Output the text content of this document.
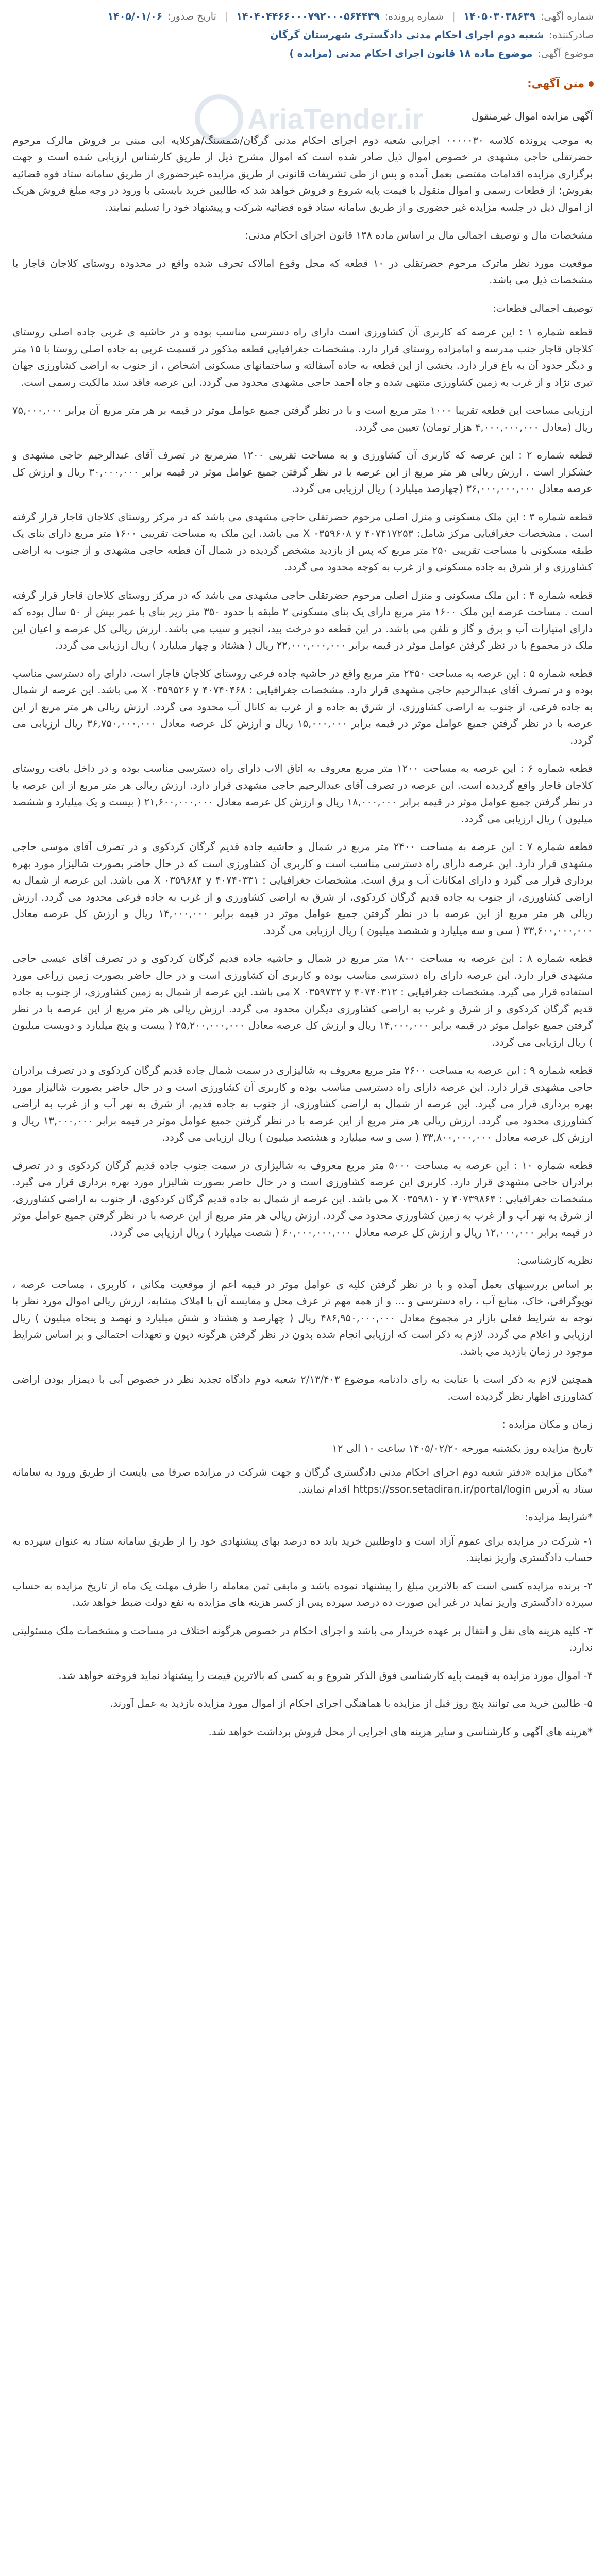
شماره آگهی:۱۴۰۵۰۳۰۳۸۶۳۹ | شماره پرونده:۱۴۰۴۰۴۴۶۶۰۰۰۷۹۲۰۰۰۵۶۴۴۳۹ | تاریخ صدور:۱۴۰۵/۰۱/۰۶
صادرکننده:شعبه دوم اجرای احکام مدنی دادگستری شهرستان گرگان
موضوع آگهی:موضوع ماده ۱۸ قانون اجرای احکام مدنی (مزایده )
AriaTender.ir
متن آگهی:

آگهی مزایده اموال غیرمنقول

به موجب پرونده کلاسه ۰۰۰۰۰۳۰ اجرایی شعبه دوم اجرای احکام مدنی گرگان/شمسنگ/هرکلایه ابی مبنی بر فروش مالرک مرحوم حضرتقلی حاجی مشهدی در خصوص اموال ذیل صادر شده است که اموال مشرح ذیل از طریق کارشناس ارزیابی شده است و جهت برگزاری مزایده اقدامات مقتضی بعمل آمده و پس از طی تشریفات قانونی از طریق مزایده غیرحضوری از طریق سامانه ستاد فوه قضائیه بفروش؛ از قطعات رسمی و اموال منقول با قیمت پایه شروع و فروش خواهد شد که طالبین خرید بایستی با ورود در وجه مبلغ فروش هریک از اموال ذیل در جلسه مزایده غیر حضوری و از طریق سامانه ستاد قوه قضائیه شرکت و پیشنهاد خود را تسلیم نمایند.

مشخصات مال و توصیف اجمالی مال بر اساس ماده ۱۳۸ قانون اجرای احکام مدنی:

موقعیت مورد نظر ماترک مرحوم حضرتقلی در ۱۰ قطعه که محل وقوع امالاک تحرف شده واقع در محدوده روستای کلاجان قاجار با مشخصات ذیل می باشد.

توصیف اجمالی قطعات:

قطعه شماره ۱ : این عرصه که کاربری آن کشاورزی است دارای راه دسترسی مناسب بوده و در حاشیه ی غربی جاده اصلی روستای کلاجان قاجار جنب مدرسه و امامزاده روستای قرار دارد. مشخصات جغرافیایی قطعه مذکور در قسمت غربی به جاده اصلی روستا با ۱۵ متر و دیگر حدود آن به باغ قرار دارد. بخشی از این قطعه به جاده آسفالته و ساختمانهای مسکونی اشخاص ، از جنوب به اراضی کشاورزی جهان تبری نژاد و از غرب به زمین کشاورزی منتهی شده و جاه احمد حاجی مشهدی محدود می گردد. این عرصه فاقد سند مالکیت رسمی است.

ارزیابی مساحت این قطعه تقریبا ۱۰۰۰ متر مربع است و با در نظر گرفتن جمیع عوامل موثر در قیمه بر هر متر مربع آن برابر ۷۵,۰۰۰,۰۰۰ ریال (معادل ۴,۰۰۰,۰۰۰,۰۰۰ هزار تومان) تعیین می گردد.

قطعه شماره ۲ : این عرصه که کاربری آن کشاورزی و به مساحت تقریبی ۱۲۰۰ مترمربع در تصرف آقای عبدالرحیم حاجی مشهدی و خشکزار است . ارزش ریالی هر متر مربع از این عرصه با در نظر گرفتن جمیع عوامل موثر در قیمه برابر ۳۰,۰۰۰,۰۰۰ ریال و ارزش کل عرصه معادل ۳۶,۰۰۰,۰۰۰,۰۰۰ (چهارصد میلیارد ) ریال ارزیابی می گردد.

قطعه شماره ۳ : این ملک مسکونی و منزل اصلی مرحوم حضرتقلی حاجی مشهدی می باشد که در مرکز روستای کلاجان قاجار قرار گرفته است . مشخصات جغرافیایی مرکز شامل: X ۰۳۵۹۶۰۸ y ۴۰۷۴۱۷۲۵۳ می باشد. این ملک به مساحت تقریبی ۱۶۰۰ متر مربع دارای بنای یک طبقه مسکونی با مساحت تقریبی ۲۵۰ متر مربع که پس از بازدید مشخص گردیده در شمال آن قطعه حاجی مشهدی و از جنوب به اراضی کشاورزی و از شرق به جاده مسکونی و از غرب به کوچه محدود می گردد.

قطعه شماره ۴ : این ملک مسکونی و منزل اصلی مرحوم حضرتقلی حاجی مشهدی می باشد که در مرکز روستای کلاجان قاجار قرار گرفته است . مساحت عرصه این ملک ۱۶۰۰ متر مربع دارای یک بنای مسکونی ۲ طبقه با حدود ۳۵۰ متر زیر بنای با عمر بیش از ۵۰ سال بوده که دارای امتیازات آب و برق و گاز و تلفن می باشد. در این قطعه دو درخت بید، انجیر و سیب می باشد. ارزش ریالی کل عرصه و اعیان این ملک در مجموع با در نظر گرفتن عوامل موثر در قیمه برابر ۲۲,۰۰۰,۰۰۰,۰۰۰ ریال ( هشتاد و چهار میلیارد ) ریال ارزیابی می گردد.

قطعه شماره ۵ : این عرصه به مساحت ۲۴۵۰ متر مربع واقع در حاشیه جاده فرعی روستای کلاجان قاجار است. دارای راه دسترسی مناسب بوده و در تصرف آقای عبدالرحیم حاجی مشهدی قرار دارد. مشخصات جغرافیایی : X ۰۳۵۹۵۲۶ y ۴۰۷۴۰۴۶۸ می باشد. این عرصه از شمال به جاده فرعی، از جنوب به اراضی کشاورزی، از شرق به جاده و از غرب به کانال آب محدود می گردد. ارزش ریالی هر متر مربع از این عرصه با در نظر گرفتن جمیع عوامل موثر در قیمه برابر ۱۵,۰۰۰,۰۰۰ ریال و ارزش کل عرصه معادل ۳۶,۷۵۰,۰۰۰,۰۰۰ ریال ارزیابی می گردد.

قطعه شماره ۶ : این عرصه به مساحت ۱۲۰۰ متر مربع معروف به اتاق الاب دارای راه دسترسی مناسب بوده و در داخل بافت روستای کلاجان قاجار واقع گردیده است. این عرصه در تصرف آقای عبدالرحیم حاجی مشهدی قرار دارد. ارزش ریالی هر متر مربع از این عرصه با در نظر گرفتن جمیع عوامل موثر در قیمه برابر ۱۸,۰۰۰,۰۰۰ ریال و ارزش کل عرصه معادل ۲۱,۶۰۰,۰۰۰,۰۰۰ ( بیست و یک میلیارد و ششصد میلیون ) ریال ارزیابی می گردد.

قطعه شماره ۷ : این عرصه به مساحت ۲۴۰۰ متر مربع در شمال و حاشیه جاده قدیم گرگان کردکوی و در تصرف آقای موسی حاجی مشهدی قرار دارد. این عرصه دارای راه دسترسی مناسب است و کاربری آن کشاورزی است که در حال حاضر بصورت شالیزار مورد بهره برداری قرار می گیرد و دارای امکانات آب و برق است. مشخصات جغرافیایی : X ۰۳۵۹۶۸۴ y ۴۰۷۴۰۳۳۱ می باشد. این عرصه از شمال به اراضی کشاورزی، از جنوب به جاده قدیم گرگان کردکوی، از شرق به اراضی کشاورزی و از غرب به جاده فرعی محدود می گردد. ارزش ریالی هر متر مربع از این عرصه با در نظر گرفتن جمیع عوامل موثر در قیمه برابر ۱۴,۰۰۰,۰۰۰ ریال و ارزش کل عرصه معادل ۳۳,۶۰۰,۰۰۰,۰۰۰ ( سی و سه میلیارد و ششصد میلیون ) ریال ارزیابی می گردد.

قطعه شماره ۸ : این عرصه به مساحت ۱۸۰۰ متر مربع در شمال و حاشیه جاده قدیم گرگان کردکوی و در تصرف آقای عیسی حاجی مشهدی قرار دارد. این عرصه دارای راه دسترسی مناسب بوده و کاربری آن کشاورزی است و در حال حاضر بصورت زمین زراعی مورد استفاده قرار می گیرد. مشخصات جغرافیایی : X ۰۳۵۹۷۳۲ y ۴۰۷۴۰۳۱۲ می باشد. این عرصه از شمال به زمین کشاورزی، از جنوب به جاده قدیم گرگان کردکوی و از شرق و غرب به اراضی کشاورزی دیگران محدود می گردد. ارزش ریالی هر متر مربع از این عرصه با در نظر گرفتن جمیع عوامل موثر در قیمه برابر ۱۴,۰۰۰,۰۰۰ ریال و ارزش کل عرصه معادل ۲۵,۲۰۰,۰۰۰,۰۰۰ ( بیست و پنج میلیارد و دویست میلیون ) ریال ارزیابی می گردد.

قطعه شماره ۹ : این عرصه به مساحت ۲۶۰۰ متر مربع معروف به شالیزاری در سمت شمال جاده قدیم گرگان کردکوی و در تصرف برادران حاجی مشهدی قرار دارد. این عرصه دارای راه دسترسی مناسب بوده و کاربری آن کشاورزی است و در حال حاضر بصورت شالیزار مورد بهره برداری قرار می گیرد. این عرصه از شمال به اراضی کشاورزی، از جنوب به جاده قدیم، از شرق به نهر آب و از غرب به اراضی کشاورزی محدود می گردد. ارزش ریالی هر متر مربع از این عرصه با در نظر گرفتن جمیع عوامل موثر در قیمه برابر ۱۳,۰۰۰,۰۰۰ ریال و ارزش کل عرصه معادل ۳۳,۸۰۰,۰۰۰,۰۰۰ ( سی و سه میلیارد و هشتصد میلیون ) ریال ارزیابی می گردد.

قطعه شماره ۱۰ : این عرصه به مساحت ۵۰۰۰ متر مربع معروف به شالیزاری در سمت جنوب جاده قدیم گرگان کردکوی و در تصرف برادران حاجی مشهدی قرار دارد. کاربری این عرصه کشاورزی است و در حال حاضر بصورت شالیزار مورد بهره برداری قرار می گیرد. مشخصات جغرافیایی : X ۰۳۵۹۸۱۰ y ۴۰۷۳۹۸۶۴ می باشد. این عرصه از شمال به جاده قدیم گرگان کردکوی، از جنوب به اراضی کشاورزی، از شرق به نهر آب و از غرب به زمین کشاورزی محدود می گردد. ارزش ریالی هر متر مربع از این عرصه با در نظر گرفتن جمیع عوامل موثر در قیمه برابر ۱۲,۰۰۰,۰۰۰ ریال و ارزش کل عرصه معادل ۶۰,۰۰۰,۰۰۰,۰۰۰ ( شصت میلیارد ) ریال ارزیابی می گردد.

نظریه کارشناسی:

بر اساس بررسیهای بعمل آمده و با در نظر گرفتن کلیه ی عوامل موثر در قیمه اعم از موقعیت مکانی ، کاربری ، مساحت عرصه ، توپوگرافی، خاک، منابع آب ، راه دسترسی و ... و از همه مهم تر عرف محل و مقایسه آن با املاک مشابه، ارزش ریالی اموال مورد نظر با توجه به شرایط فعلی بازار در مجموع معادل ۴۸۶,۹۵۰,۰۰۰,۰۰۰ ریال ( چهارصد و هشتاد و شش میلیارد و نهصد و پنجاه میلیون ) ریال ارزیابی و اعلام می گردد. لازم به ذکر است که ارزیابی انجام شده بدون در نظر گرفتن هرگونه دیون و تعهدات احتمالی و بر اساس شرایط موجود در زمان بازدید می باشد.

همچنین لازم به ذکر است با عنایت به رای دادنامه موضوع ۲/۱۳/۴۰۳ شعبه دوم دادگاه تجدید نظر در خصوص آبی با دیمزار بودن اراضی کشاورزی اظهار نظر گردیده است.

زمان و مکان مزایده :

تاریخ مزایده روز یکشنبه مورخه ۱۴۰۵/۰۲/۲۰ ساعت ۱۰ الی ۱۲

*مکان مزایده «دفتر شعبه دوم اجرای احکام مدنی دادگستری گرگان و جهت شرکت در مزایده صرفا می بایست از طریق ورود به سامانه ستاد به آدرس https://ssor.setadiran.ir/portal/login اقدام نمایند.

*شرایط مزایده:

۱- شرکت در مزایده برای عموم آزاد است و داوطلبین خرید باید ده درصد بهای پیشنهادی خود را از طریق سامانه ستاد به عنوان سپرده به حساب دادگستری واریز نمایند.

۲- برنده مزایده کسی است که بالاترین مبلغ را پیشنهاد نموده باشد و مابقی ثمن معامله را ظرف مهلت یک ماه از تاریخ مزایده به حساب سپرده دادگستری واریز نماید در غیر این صورت ده درصد سپرده پس از کسر هزینه های مزایده به نفع دولت ضبط خواهد شد.

۳- کلیه هزینه های نقل و انتقال بر عهده خریدار می باشد و اجرای احکام در خصوص هرگونه اختلاف در مساحت و مشخصات ملک مسئولیتی ندارد.

۴- اموال مورد مزایده به قیمت پایه کارشناسی فوق الذکر شروع و به کسی که بالاترین قیمت را پیشنهاد نماید فروخته خواهد شد.

۵- طالبین خرید می توانند پنج روز قبل از مزایده با هماهنگی اجرای احکام از اموال مورد مزایده بازدید به عمل آورند.

*هزینه های آگهی و کارشناسی و سایر هزینه های اجرایی از محل فروش برداشت خواهد شد.
